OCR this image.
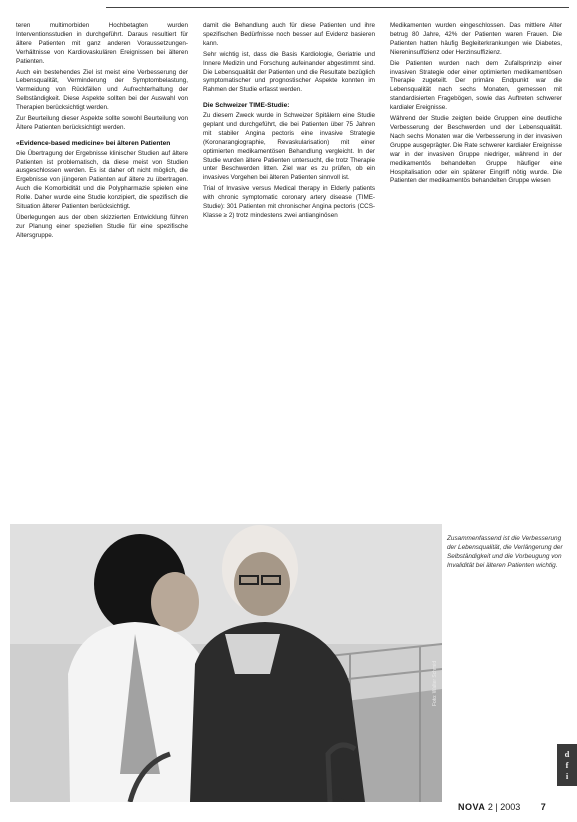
teren multimorbiden Hochbetagten wurden Interventionsstudien in durchgeführt. Daraus resultiert für ältere Patienten mit ganz anderen Voraussetzungen-Verhältnisse von Kardiovaskulären Ereignissen bei älteren Patienten.

Auch ein bestehendes Ziel ist meist eine Verbesserung der Lebensqualität, Verminderung der Symptombelastung, Vermeidung von Rückfällen und Aufrechterhaltung der Selbständigkeit. Diese Aspekte sollten bei der Auswahl von Therapien berücksichtigt werden.

Zur Beurteilung dieser Aspekte sollte sowohl Beurteilung von Ältere Patienten berücksichtigt werden.

«Evidence-based medicine» bei älteren Patienten

Die Übertragung der Ergebnisse klinischer Studien auf ältere Patienten ist problematisch, da diese meist von Studien ausgeschlossen werden. Es ist daher oft nicht möglich, die Ergebnisse von jüngeren Patienten auf ältere zu übertragen. Auch die Komorbidität und die Polypharmazie spielen eine Rolle. Daher wurde eine Studie konzipiert, die spezifisch die Situation älterer Patienten berücksichtigt.

Überlegungen aus der oben skizzierten Entwicklung führen zur Planung einer speziellen Studie für eine spezifische Altersgruppe.

damit die Behandlung auch für diese Patienten und ihre spezifischen Bedürfnisse noch besser auf Evidenz basieren kann.

Sehr wichtig ist, dass die Basis Kardiologie, Geriatrie und Innere Medizin und Forschung aufeinander abgestimmt sind. Die Lebensqualität der Patienten und die Resultate bezüglich symptomatischer und prognostischer Aspekte konnten im Rahmen der Studie erfasst werden.

Die Schweizer TIME-Studie:

Zu diesem Zweck wurde in Schweizer Spitälern eine Studie geplant und durchgeführt, die bei Patienten über 75 Jahren mit stabiler Angina pectoris eine invasive Strategie (Koronarangiographie, Revaskularisation) mit einer optimierten medikamentösen Behandlung vergleicht. In der Studie wurden ältere Patienten untersucht, die trotz Therapie unter Beschwerden litten. Ziel war es zu prüfen, ob ein invasives Vorgehen bei älteren Patienten sinnvoll ist.

Trial of Invasive versus Medical therapy in Elderly patients with chronic symptomatic coronary artery disease (TIME-Studie): 301 Patienten mit chronischer Angina pectoris (CCS-Klasse ≥ 2) trotz mindestens zwei antianginösen

Medikamenten wurden eingeschlossen. Das mittlere Alter betrug 80 Jahre, 42% der Patienten waren Frauen. Die Patienten hatten häufig Begleiterkrankungen wie Diabetes, Niereninsuffizienz oder Herzinsuffizienz.

Die Patienten wurden nach dem Zufallsprinzip einer invasiven Strategie oder einer optimierten medikamentösen Therapie zugeteilt. Der primäre Endpunkt war die Lebensqualität nach sechs Monaten, gemessen mit standardisierten Fragebögen, sowie das Auftreten schwerer kardialer Ereignisse.

Während der Studie zeigten beide Gruppen eine deutliche Verbesserung der Beschwerden und der Lebensqualität. Nach sechs Monaten war die Verbesserung in der invasiven Gruppe ausgeprägter. Die Rate schwerer kardialer Ereignisse war in der invasiven Gruppe niedriger, während in der medikamentös behandelten Gruppe häufiger eine Hospitalisation oder ein späterer Eingriff nötig wurde. Die Patienten der medikamentös behandelten Gruppe wiesen

Zusammenfassend ist die Verbesserung der Lebensqualität, die Verlängerung der Selbständigkeit und die Vorbeugung von Invalidität bei älteren Patienten wichtig.
Foto: Walter Schmid
d
f
i
NOVA 2 | 2003 7
